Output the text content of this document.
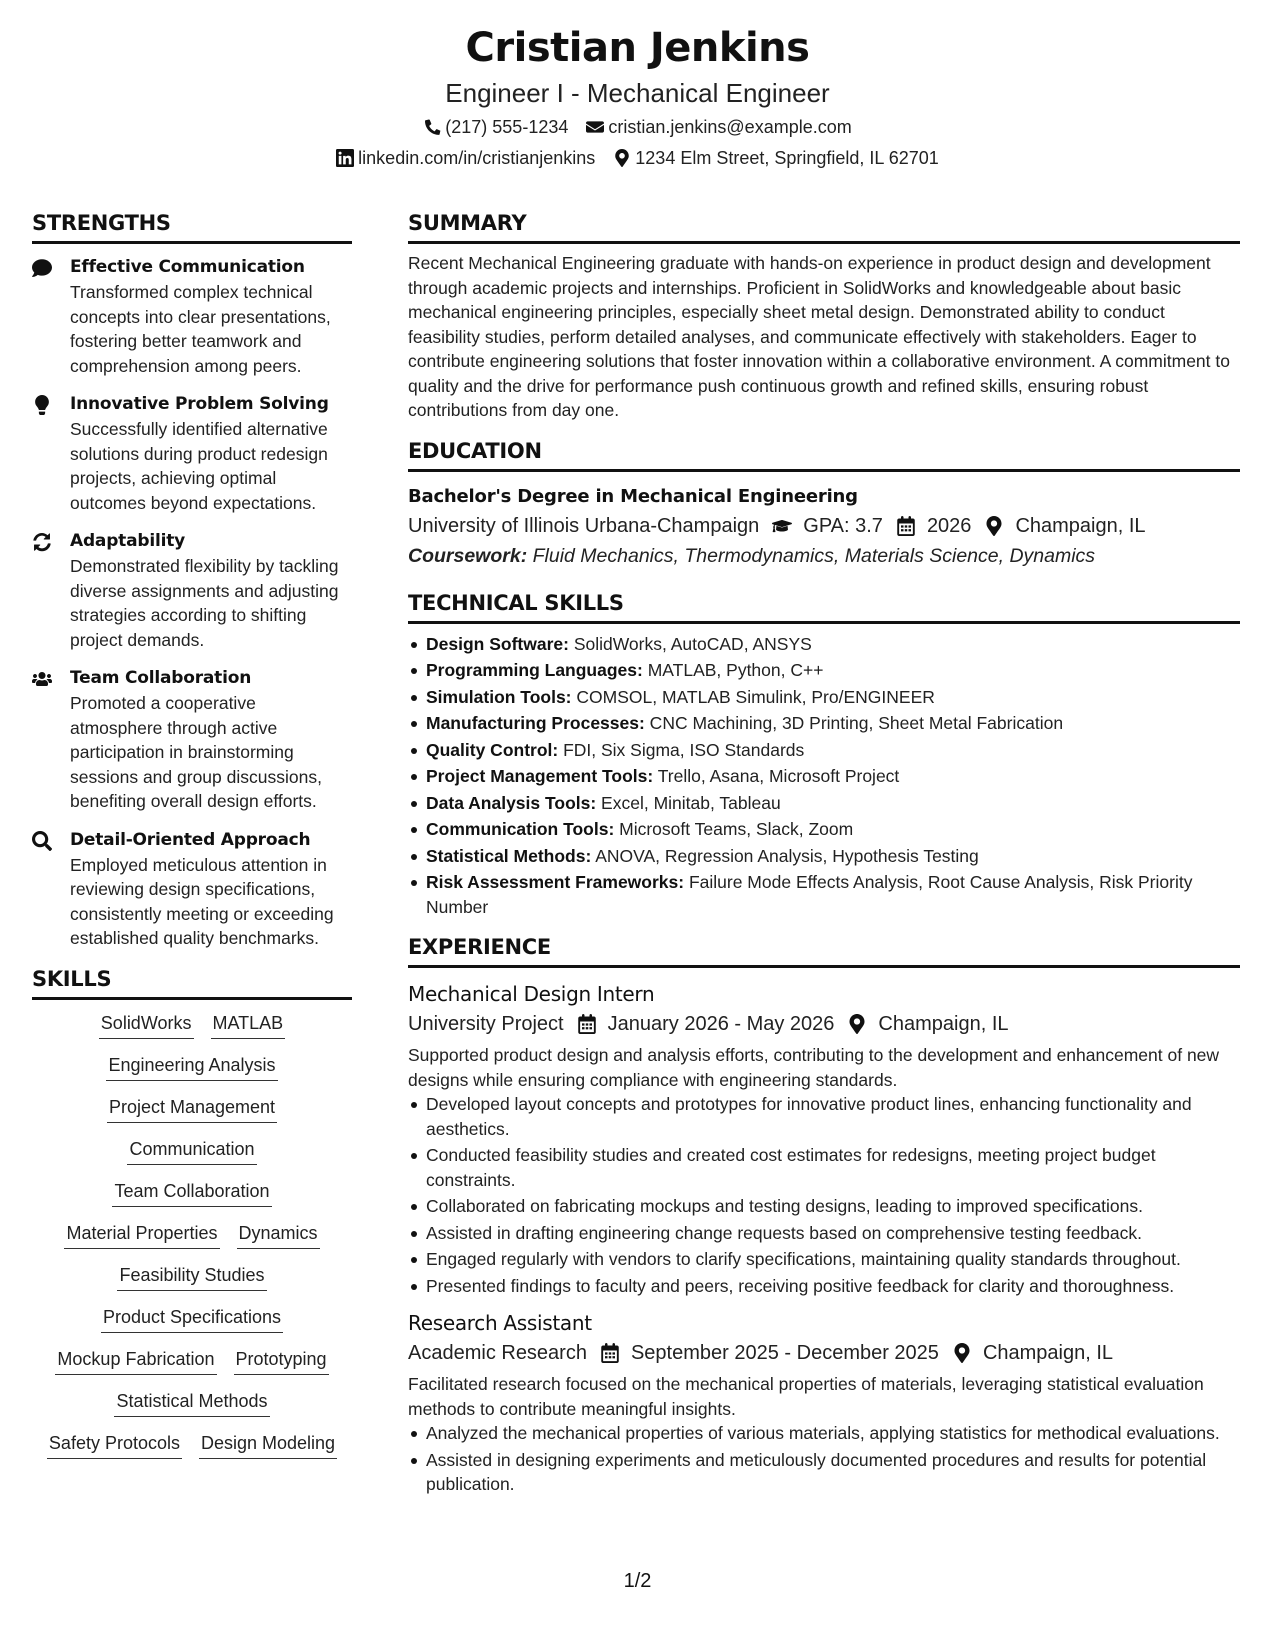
Cristian Jenkins
Engineer I - Mechanical Engineer
(217) 555-1234 cristian.jenkins@example.com
linkedin.com/in/cristianjenkins 1234 Elm Street, Springfield, IL 62701
STRENGTHS
Effective Communication
Transformed complex technical concepts into clear presentations, fostering better teamwork and comprehension among peers.
Innovative Problem Solving
Successfully identified alternative solutions during product redesign projects, achieving optimal outcomes beyond expectations.
Adaptability
Demonstrated flexibility by tackling diverse assignments and adjusting strategies according to shifting project demands.
Team Collaboration
Promoted a cooperative atmosphere through active participation in brainstorming sessions and group discussions, benefiting overall design efforts.
Detail-Oriented Approach
Employed meticulous attention in reviewing design specifications, consistently meeting or exceeding established quality benchmarks.
SKILLS
SolidWorks MATLAB
Engineering Analysis
Project Management
Communication
Team Collaboration
Material Properties Dynamics
Feasibility Studies
Product Specifications
Mockup Fabrication Prototyping
Statistical Methods
Safety Protocols Design Modeling
SUMMARY
Recent Mechanical Engineering graduate with hands-on experience in product design and development through academic projects and internships. Proficient in SolidWorks and knowledgeable about basic mechanical engineering principles, especially sheet metal design. Demonstrated ability to conduct feasibility studies, perform detailed analyses, and communicate effectively with stakeholders. Eager to contribute engineering solutions that foster innovation within a collaborative environment. A commitment to quality and the drive for performance push continuous growth and refined skills, ensuring robust contributions from day one.
EDUCATION
Bachelor's Degree in Mechanical Engineering
University of Illinois Urbana-Champaign GPA: 3.7 2026 Champaign, IL
Coursework: Fluid Mechanics, Thermodynamics, Materials Science, Dynamics
TECHNICAL SKILLS
Design Software: SolidWorks, AutoCAD, ANSYS
Programming Languages: MATLAB, Python, C++
Simulation Tools: COMSOL, MATLAB Simulink, Pro/ENGINEER
Manufacturing Processes: CNC Machining, 3D Printing, Sheet Metal Fabrication
Quality Control: FDI, Six Sigma, ISO Standards
Project Management Tools: Trello, Asana, Microsoft Project
Data Analysis Tools: Excel, Minitab, Tableau
Communication Tools: Microsoft Teams, Slack, Zoom
Statistical Methods: ANOVA, Regression Analysis, Hypothesis Testing
Risk Assessment Frameworks: Failure Mode Effects Analysis, Root Cause Analysis, Risk Priority Number
EXPERIENCE
Mechanical Design Intern
University Project January 2026 - May 2026 Champaign, IL
Supported product design and analysis efforts, contributing to the development and enhancement of new designs while ensuring compliance with engineering standards.
Developed layout concepts and prototypes for innovative product lines, enhancing functionality and aesthetics.
Conducted feasibility studies and created cost estimates for redesigns, meeting project budget constraints.
Collaborated on fabricating mockups and testing designs, leading to improved specifications.
Assisted in drafting engineering change requests based on comprehensive testing feedback.
Engaged regularly with vendors to clarify specifications, maintaining quality standards throughout.
Presented findings to faculty and peers, receiving positive feedback for clarity and thoroughness.
Research Assistant
Academic Research September 2025 - December 2025 Champaign, IL
Facilitated research focused on the mechanical properties of materials, leveraging statistical evaluation methods to contribute meaningful insights.
Analyzed the mechanical properties of various materials, applying statistics for methodical evaluations.
Assisted in designing experiments and meticulously documented procedures and results for potential publication.
1/2
